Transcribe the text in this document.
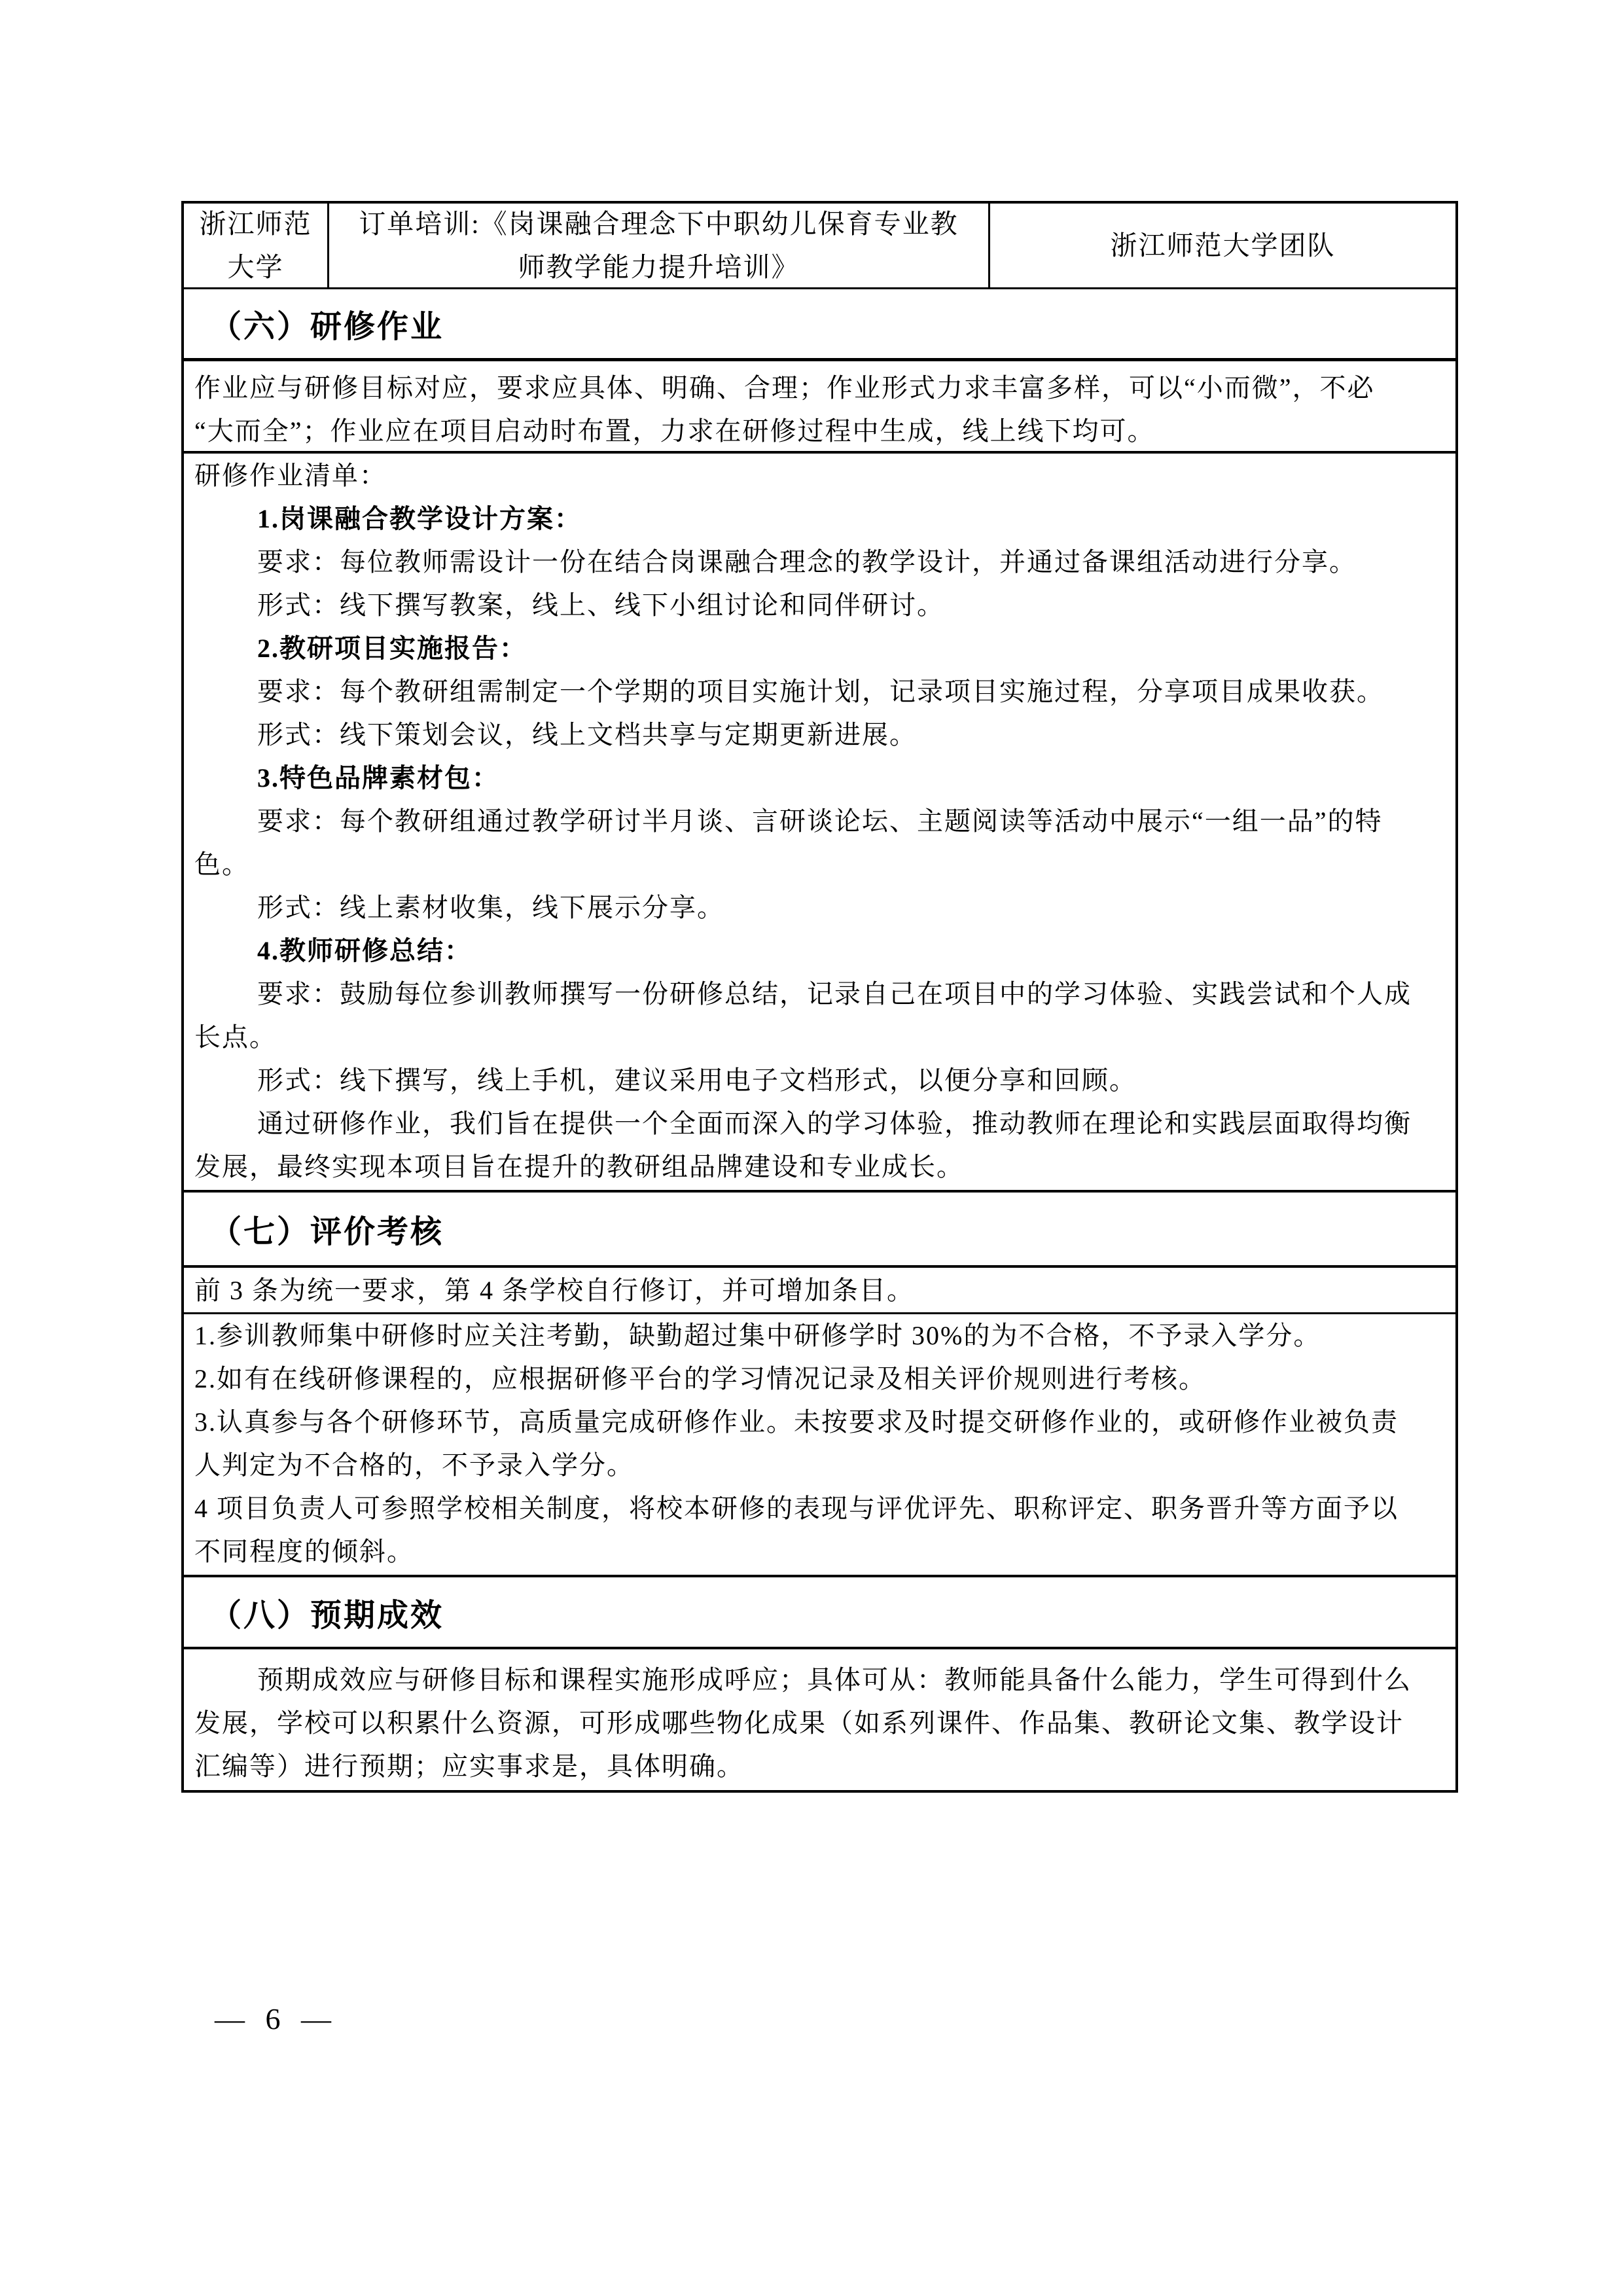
浙江师范
大学
订单培训:《岗课融合理念下中职幼儿保育专业教
师教学能力提升培训》
浙江师范大学团队
（六）研修作业
作业应与研修目标对应，要求应具体、明确、合理；作业形式力求丰富多样，可以“小而微”，不必
“大而全”；作业应在项目启动时布置，力求在研修过程中生成，线上线下均可。
研修作业清单：
1.岗课融合教学设计方案：
要求：每位教师需设计一份在结合岗课融合理念的教学设计，并通过备课组活动进行分享。
形式：线下撰写教案，线上、线下小组讨论和同伴研讨。
2.教研项目实施报告：
要求：每个教研组需制定一个学期的项目实施计划，记录项目实施过程，分享项目成果收获。
形式：线下策划会议，线上文档共享与定期更新进展。
3.特色品牌素材包：
要求：每个教研组通过教学研讨半月谈、言研谈论坛、主题阅读等活动中展示“一组一品”的特
色。
形式：线上素材收集，线下展示分享。
4.教师研修总结：
要求：鼓励每位参训教师撰写一份研修总结，记录自己在项目中的学习体验、实践尝试和个人成
长点。
形式：线下撰写，线上手机，建议采用电子文档形式，以便分享和回顾。
通过研修作业，我们旨在提供一个全面而深入的学习体验，推动教师在理论和实践层面取得均衡
发展，最终实现本项目旨在提升的教研组品牌建设和专业成长。
（七）评价考核
前 3 条为统一要求，第 4 条学校自行修订，并可增加条目。
1.参训教师集中研修时应关注考勤，缺勤超过集中研修学时 30%的为不合格，不予录入学分。
2.如有在线研修课程的，应根据研修平台的学习情况记录及相关评价规则进行考核。
3.认真参与各个研修环节，高质量完成研修作业。未按要求及时提交研修作业的，或研修作业被负责
人判定为不合格的，不予录入学分。
4 项目负责人可参照学校相关制度，将校本研修的表现与评优评先、职称评定、职务晋升等方面予以
不同程度的倾斜。
（八）预期成效
预期成效应与研修目标和课程实施形成呼应；具体可从：教师能具备什么能力，学生可得到什么
发展，学校可以积累什么资源，可形成哪些物化成果（如系列课件、作品集、教研论文集、教学设计
汇编等）进行预期；应实事求是，具体明确。
— 6 —
